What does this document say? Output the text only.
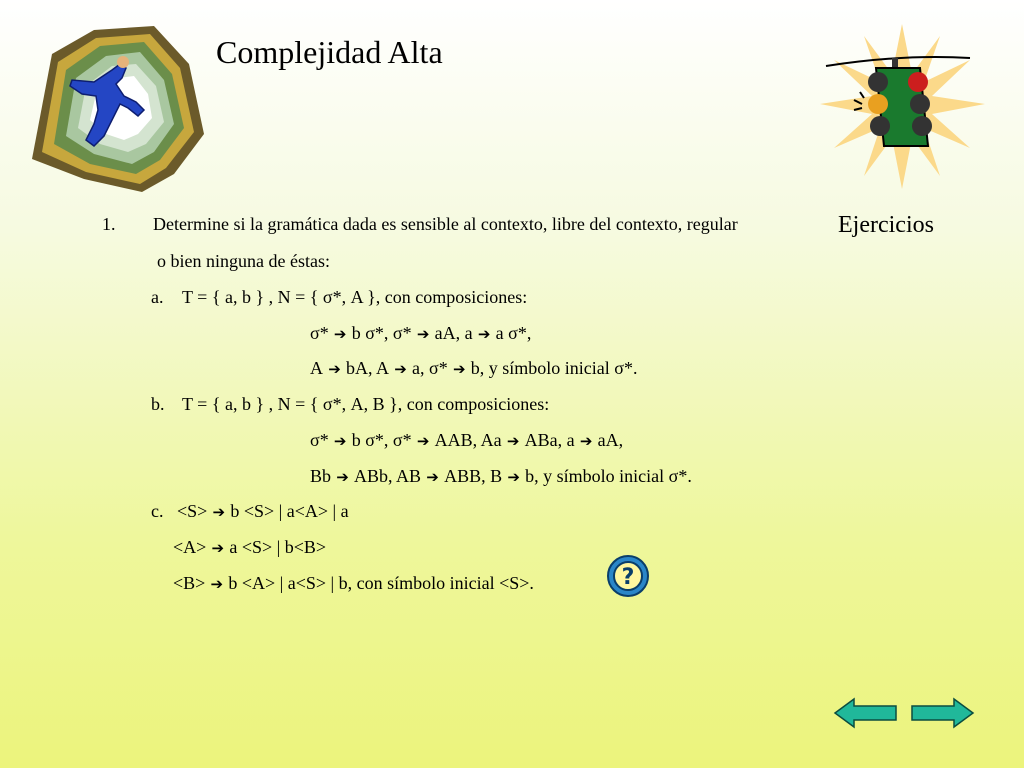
Complejidad Alta
Ejercicios
1. Determine si la gramática dada es sensible al contexto, libre del contexto, regular
o bien ninguna de éstas:
a. T = { a, b } , N = { σ*, A }, con composiciones:
σ* ➔ b σ*, σ* ➔ aA, a ➔ a σ*,
A ➔ bA, A ➔ a, σ* ➔ b, y símbolo inicial σ*.
b. T = { a, b } , N = { σ*, A, B }, con composiciones:
σ* ➔ b σ*, σ* ➔ AAB, Aa ➔ ABa, a ➔ aA,
Bb ➔ ABb, AB ➔ ABB, B ➔ b, y símbolo inicial σ*.
c. <S> ➔ b <S> | a<A> | a
<A> ➔ a <S> | b<B>
<B> ➔ b <A> | a<S> | b, con símbolo inicial <S>.	?
